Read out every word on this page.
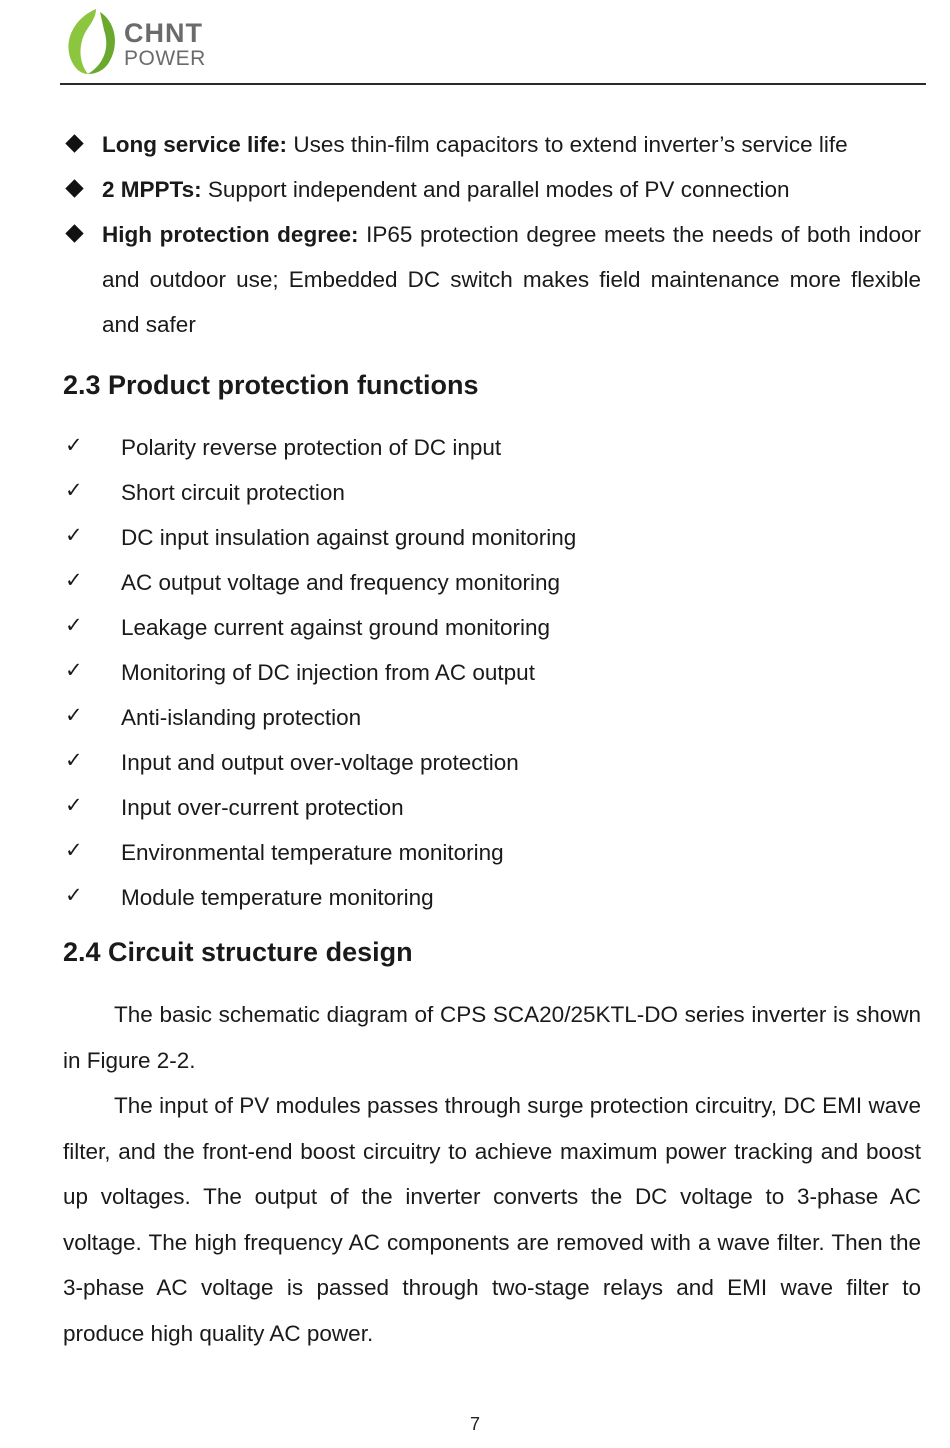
CHNT
POWER
Long service life: Uses thin-film capacitors to extend inverter’s service life
2 MPPTs: Support independent and parallel modes of PV connection
High protection degree: IP65 protection degree meets the needs of both indoor and outdoor use; Embedded DC switch makes field maintenance more flexible and safer
2.3 Product protection functions
✓ Polarity reverse protection of DC input
✓ Short circuit protection
✓ DC input insulation against ground monitoring
✓ AC output voltage and frequency monitoring
✓ Leakage current against ground monitoring
✓ Monitoring of DC injection from AC output
✓ Anti-islanding protection
✓ Input and output over-voltage protection
✓ Input over-current protection
✓ Environmental temperature monitoring
✓ Module temperature monitoring
2.4 Circuit structure design

The basic schematic diagram of CPS SCA20/25KTL-DO series inverter is shown in Figure 2-2.

The input of PV modules passes through surge protection circuitry, DC EMI wave filter, and the front-end boost circuitry to achieve maximum power tracking and boost up voltages. The output of the inverter converts the DC voltage to 3-phase AC voltage. The high frequency AC components are removed with a wave filter. Then the 3-phase AC voltage is passed through two-stage relays and EMI wave filter to produce high quality AC power.

7
